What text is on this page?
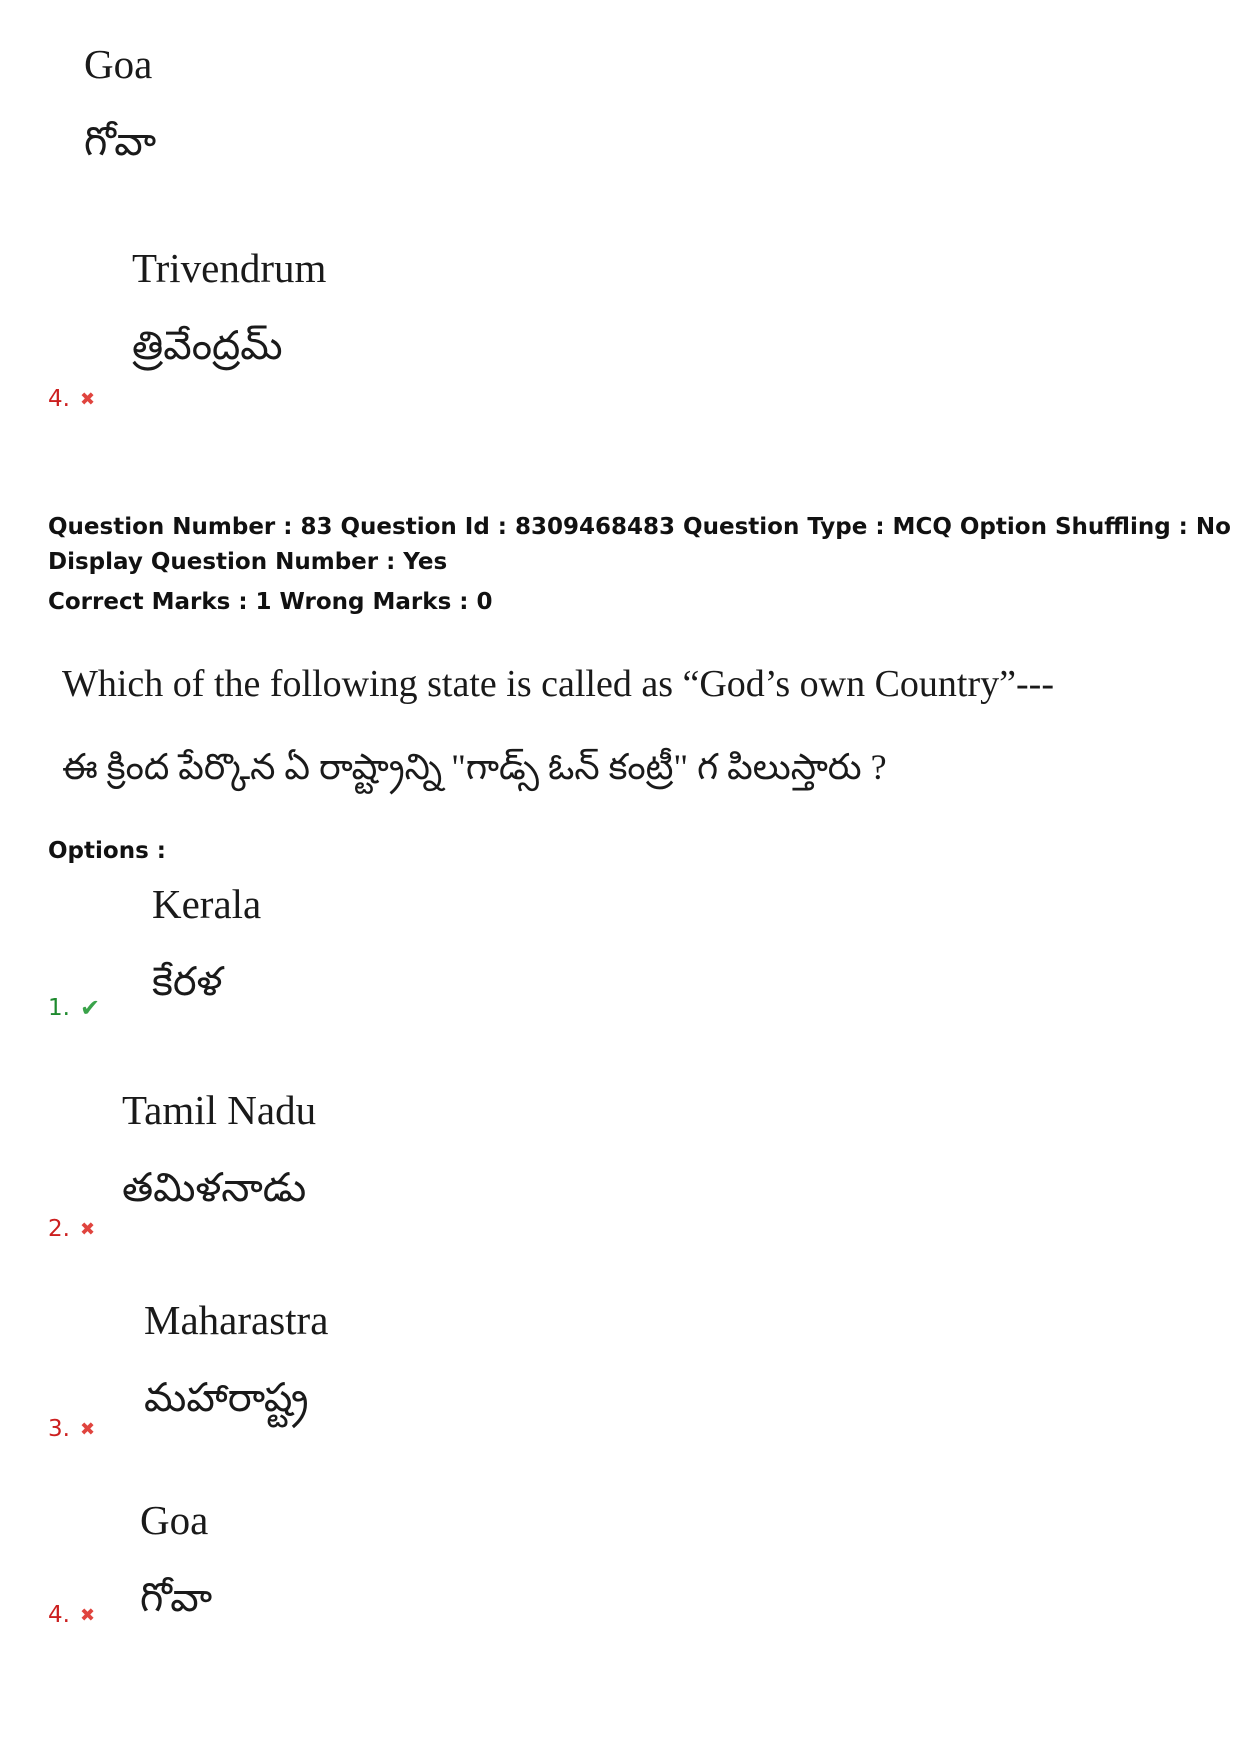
Goa
గోవా
Trivendrum
త్రివేంద్రమ్
4. ✖
Question Number : 83 Question Id : 8309468483 Question Type : MCQ Option Shuffling : No
Display Question Number : Yes
Correct Marks : 1 Wrong Marks : 0
Which of the following state is called as “God’s own Country”---
ఈ క్రింద పేర్కొన ఏ రాష్ట్రాన్ని "గాడ్స్ ఓన్ కంట్రీ" గ పిలుస్తారు ?
Options :
Kerala
కేరళ
1. ✔
Tamil Nadu
తమిళనాడు
2. ✖
Maharastra
మహారాష్ట్ర
3. ✖
Goa
గోవా
4. ✖
